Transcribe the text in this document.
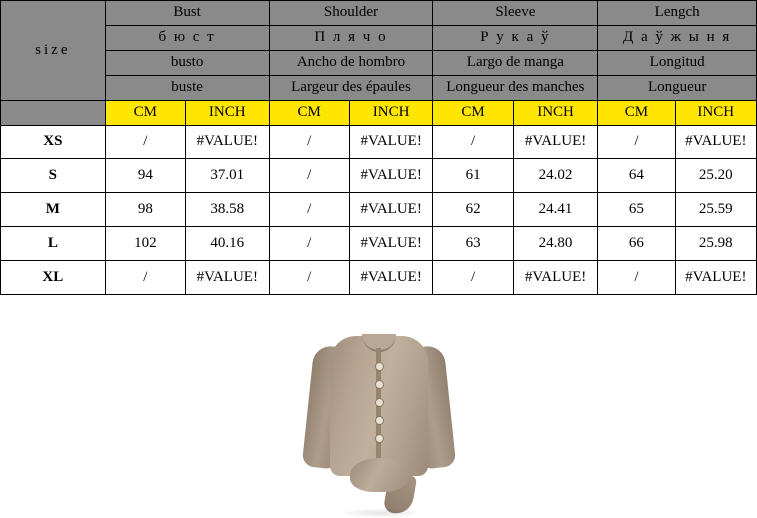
size	Bust		Shoulder		Sleeve		Lengch	
	б ю с т		П л я ч о		Р у к а ў		Д а ў ж ы н я	
	busto		Ancho de hombro		Largo de manga		Longitud	
	buste		Largeur des épaules		Longueur des manches		Longueur	
	CM	INCH	CM	INCH	CM	INCH	CM	INCH
XS	/	#VALUE!	/	#VALUE!	/	#VALUE!	/	#VALUE!
S	94	37.01	/	#VALUE!	61	24.02	64	25.20
M	98	38.58	/	#VALUE!	62	24.41	65	25.59
L	102	40.16	/	#VALUE!	63	24.80	66	25.98
XL	/	#VALUE!	/	#VALUE!	/	#VALUE!	/	#VALUE!
